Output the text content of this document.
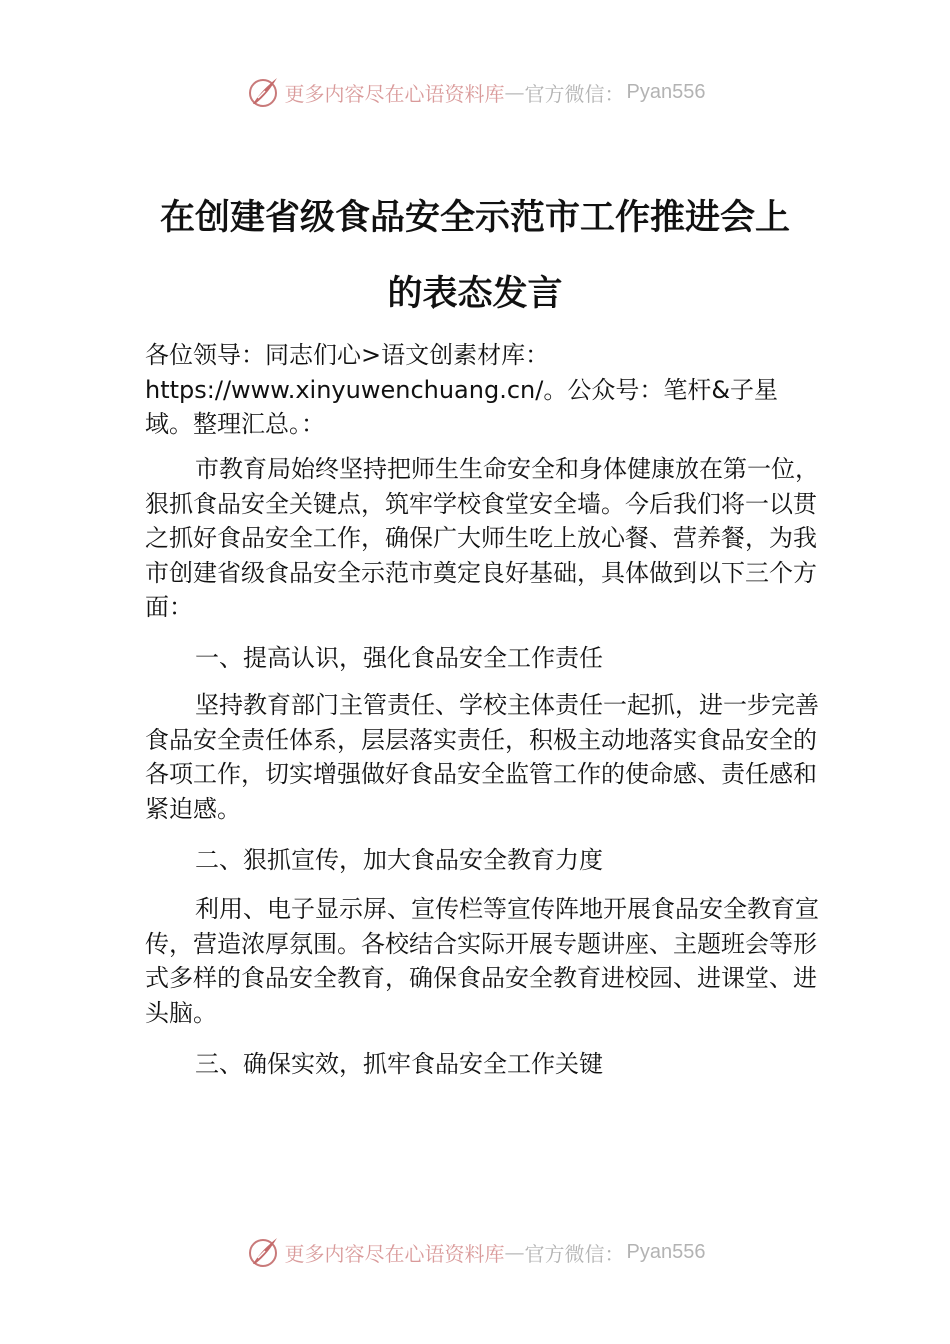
更多内容尽在心语资料库 — 官方微信： Pyan556
在创建省级食品安全示范市工作推进会上
的表态发言

各位领导：同志们心>语文创素材库：https://www.xinyuwenchuang.cn/。公众号：笔杆&子星域。整理汇总。：

市教育局始终坚持把师生生命安全和身体健康放在第一位，狠抓食品安全关键点，筑牢学校食堂安全墙。今后我们将一以贯之抓好食品安全工作，确保广大师生吃上放心餐、营养餐，为我市创建省级食品安全示范市奠定良好基础，具体做到以下三个方面：

一、提高认识，强化食品安全工作责任

坚持教育部门主管责任、学校主体责任一起抓，进一步完善食品安全责任体系，层层落实责任，积极主动地落实食品安全的各项工作，切实增强做好食品安全监管工作的使命感、责任感和紧迫感。

二、狠抓宣传，加大食品安全教育力度

利用、电子显示屏、宣传栏等宣传阵地开展食品安全教育宣传，营造浓厚氛围。各校结合实际开展专题讲座、主题班会等形式多样的食品安全教育，确保食品安全教育进校园、进课堂、进头脑。

三、确保实效，抓牢食品安全工作关键

更多内容尽在心语资料库 — 官方微信： Pyan556
